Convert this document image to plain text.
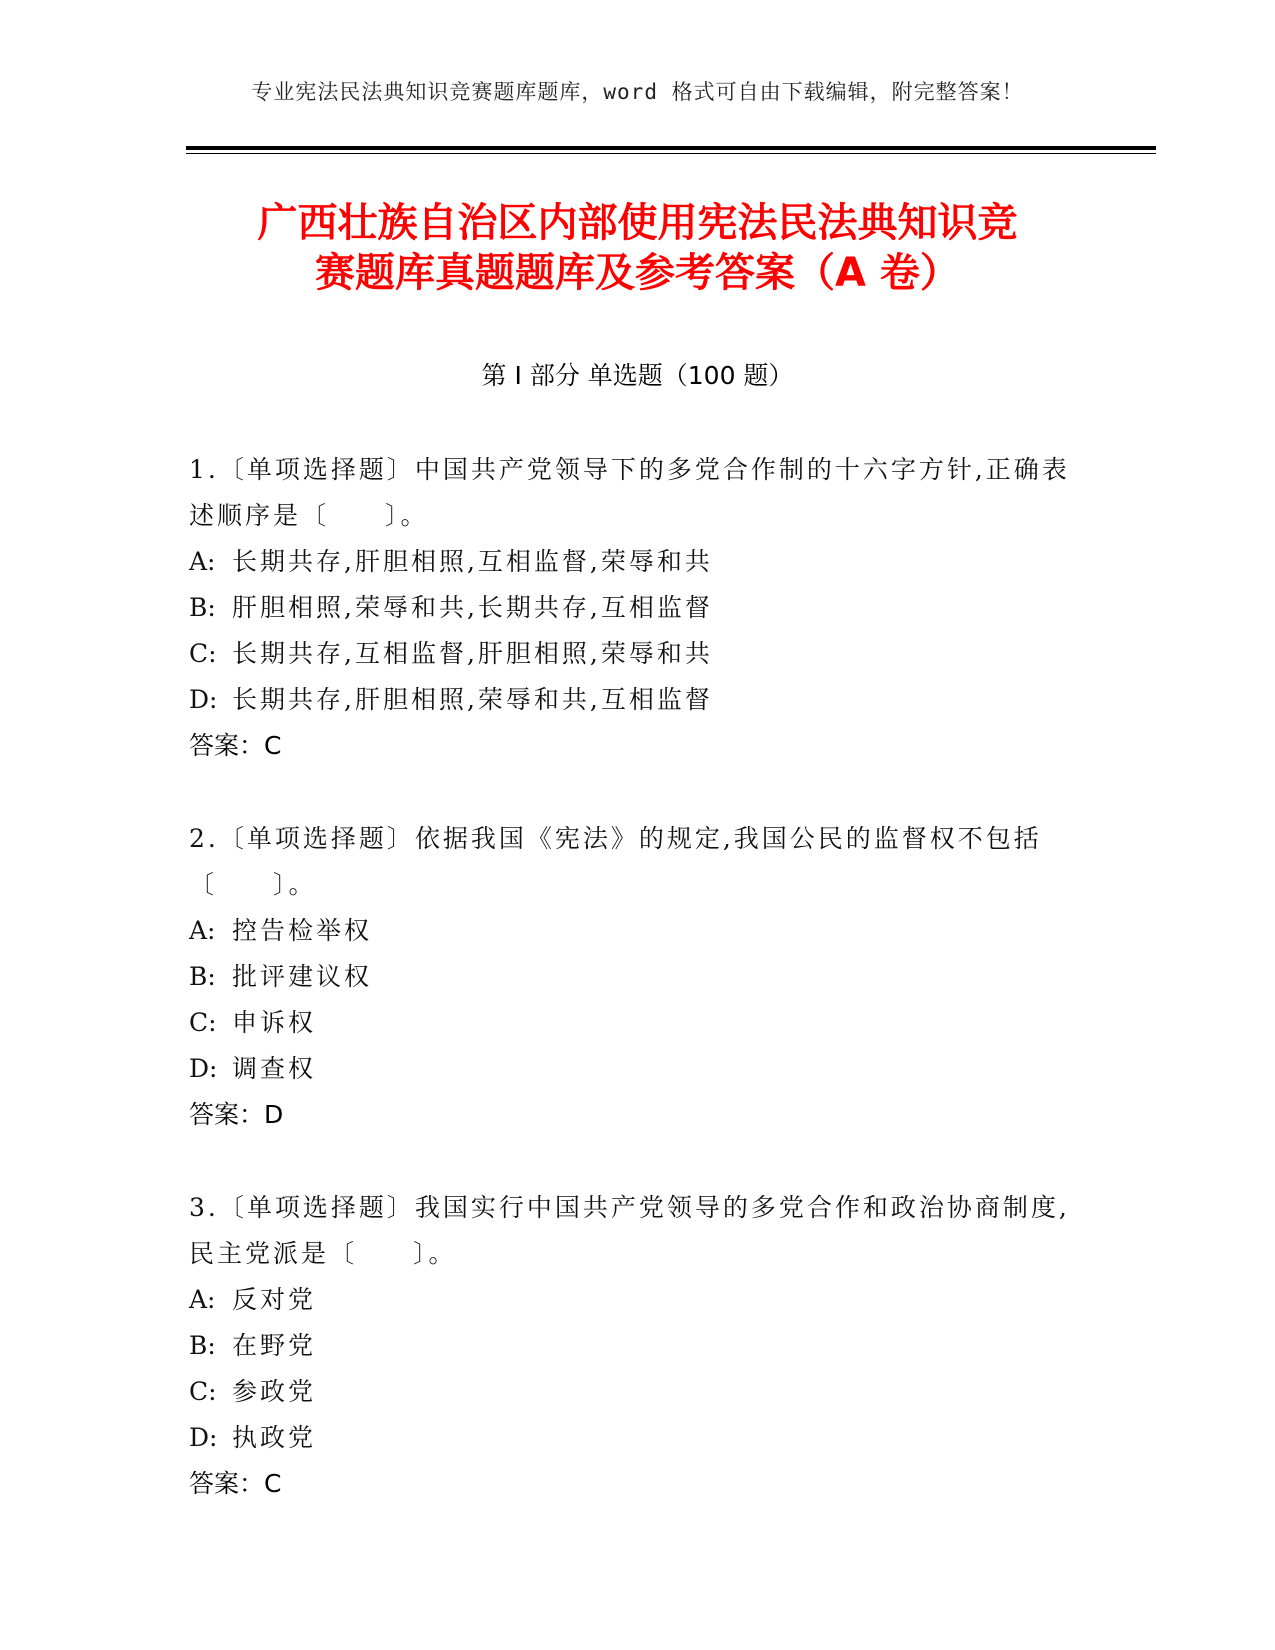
专业宪法民法典知识竞赛题库题库，word 格式可自由下载编辑，附完整答案！
广西壮族自治区内部使用宪法民法典知识竞
赛题库真题题库及参考答案（A 卷）
第 I 部分 单选题（100 题）
1.〔单项选择题〕中国共产党领导下的多党合作制的十六字方针,正确表述顺序是〔　　〕。
A: 长期共存,肝胆相照,互相监督,荣辱和共
B: 肝胆相照,荣辱和共,长期共存,互相监督
C: 长期共存,互相监督,肝胆相照,荣辱和共
D: 长期共存,肝胆相照,荣辱和共,互相监督
答案：C
2.〔单项选择题〕依据我国《宪法》的规定,我国公民的监督权不包括〔　　〕。
A: 控告检举权
B: 批评建议权
C: 申诉权
D: 调查权
答案：D
3.〔单项选择题〕我国实行中国共产党领导的多党合作和政治协商制度,民主党派是〔　　〕。
A: 反对党
B: 在野党
C: 参政党
D: 执政党
答案：C
